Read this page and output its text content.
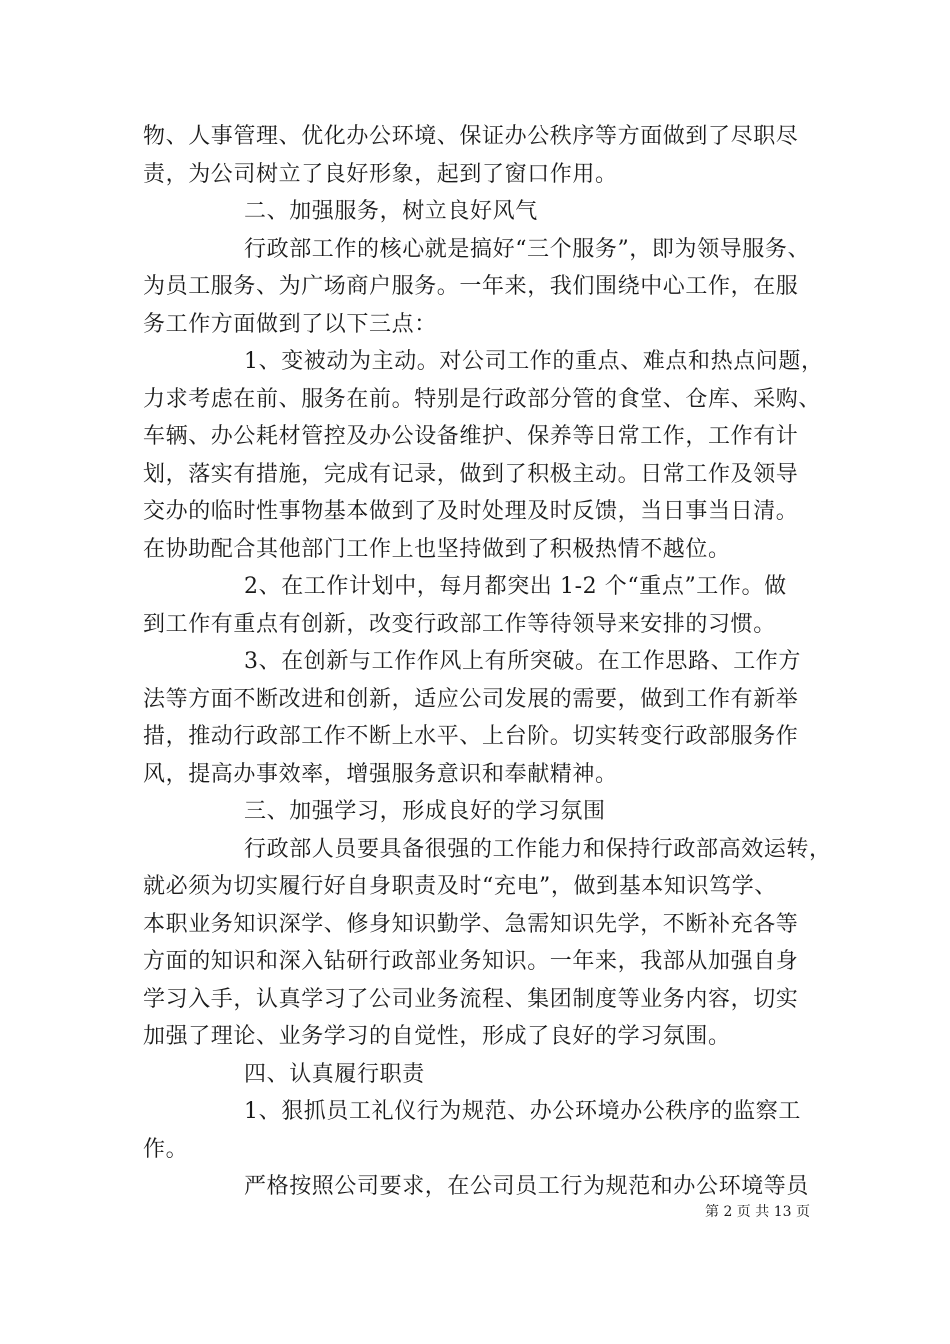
物、人事管理、优化办公环境、保证办公秩序等方面做到了尽职尽
责，为公司树立了良好形象，起到了窗口作用。
二、加强服务，树立良好风气
行政部工作的核心就是搞好“三个服务”，即为领导服务、
为员工服务、为广场商户服务。一年来，我们围绕中心工作，在服
务工作方面做到了以下三点：
1、变被动为主动。对公司工作的重点、难点和热点问题，
力求考虑在前、服务在前。特别是行政部分管的食堂、仓库、采购、
车辆、办公耗材管控及办公设备维护、保养等日常工作，工作有计
划，落实有措施，完成有记录，做到了积极主动。日常工作及领导
交办的临时性事物基本做到了及时处理及时反馈，当日事当日清。
在协助配合其他部门工作上也坚持做到了积极热情不越位。
2、在工作计划中，每月都突出 1-2 个“重点”工作。做
到工作有重点有创新，改变行政部工作等待领导来安排的习惯。
3、在创新与工作作风上有所突破。在工作思路、工作方
法等方面不断改进和创新，适应公司发展的需要，做到工作有新举
措，推动行政部工作不断上水平、上台阶。切实转变行政部服务作
风，提高办事效率，增强服务意识和奉献精神。
三、加强学习，形成良好的学习氛围
行政部人员要具备很强的工作能力和保持行政部高效运转，
就必须为切实履行好自身职责及时“充电”，做到基本知识笃学、
本职业务知识深学、修身知识勤学、急需知识先学，不断补充各等
方面的知识和深入钻研行政部业务知识。一年来，我部从加强自身
学习入手，认真学习了公司业务流程、集团制度等业务内容，切实
加强了理论、业务学习的自觉性，形成了良好的学习氛围。
四、认真履行职责
1、狠抓员工礼仪行为规范、办公环境办公秩序的监察工
作。
严格按照公司要求，在公司员工行为规范和办公环境等员
第 2 页 共 13 页
